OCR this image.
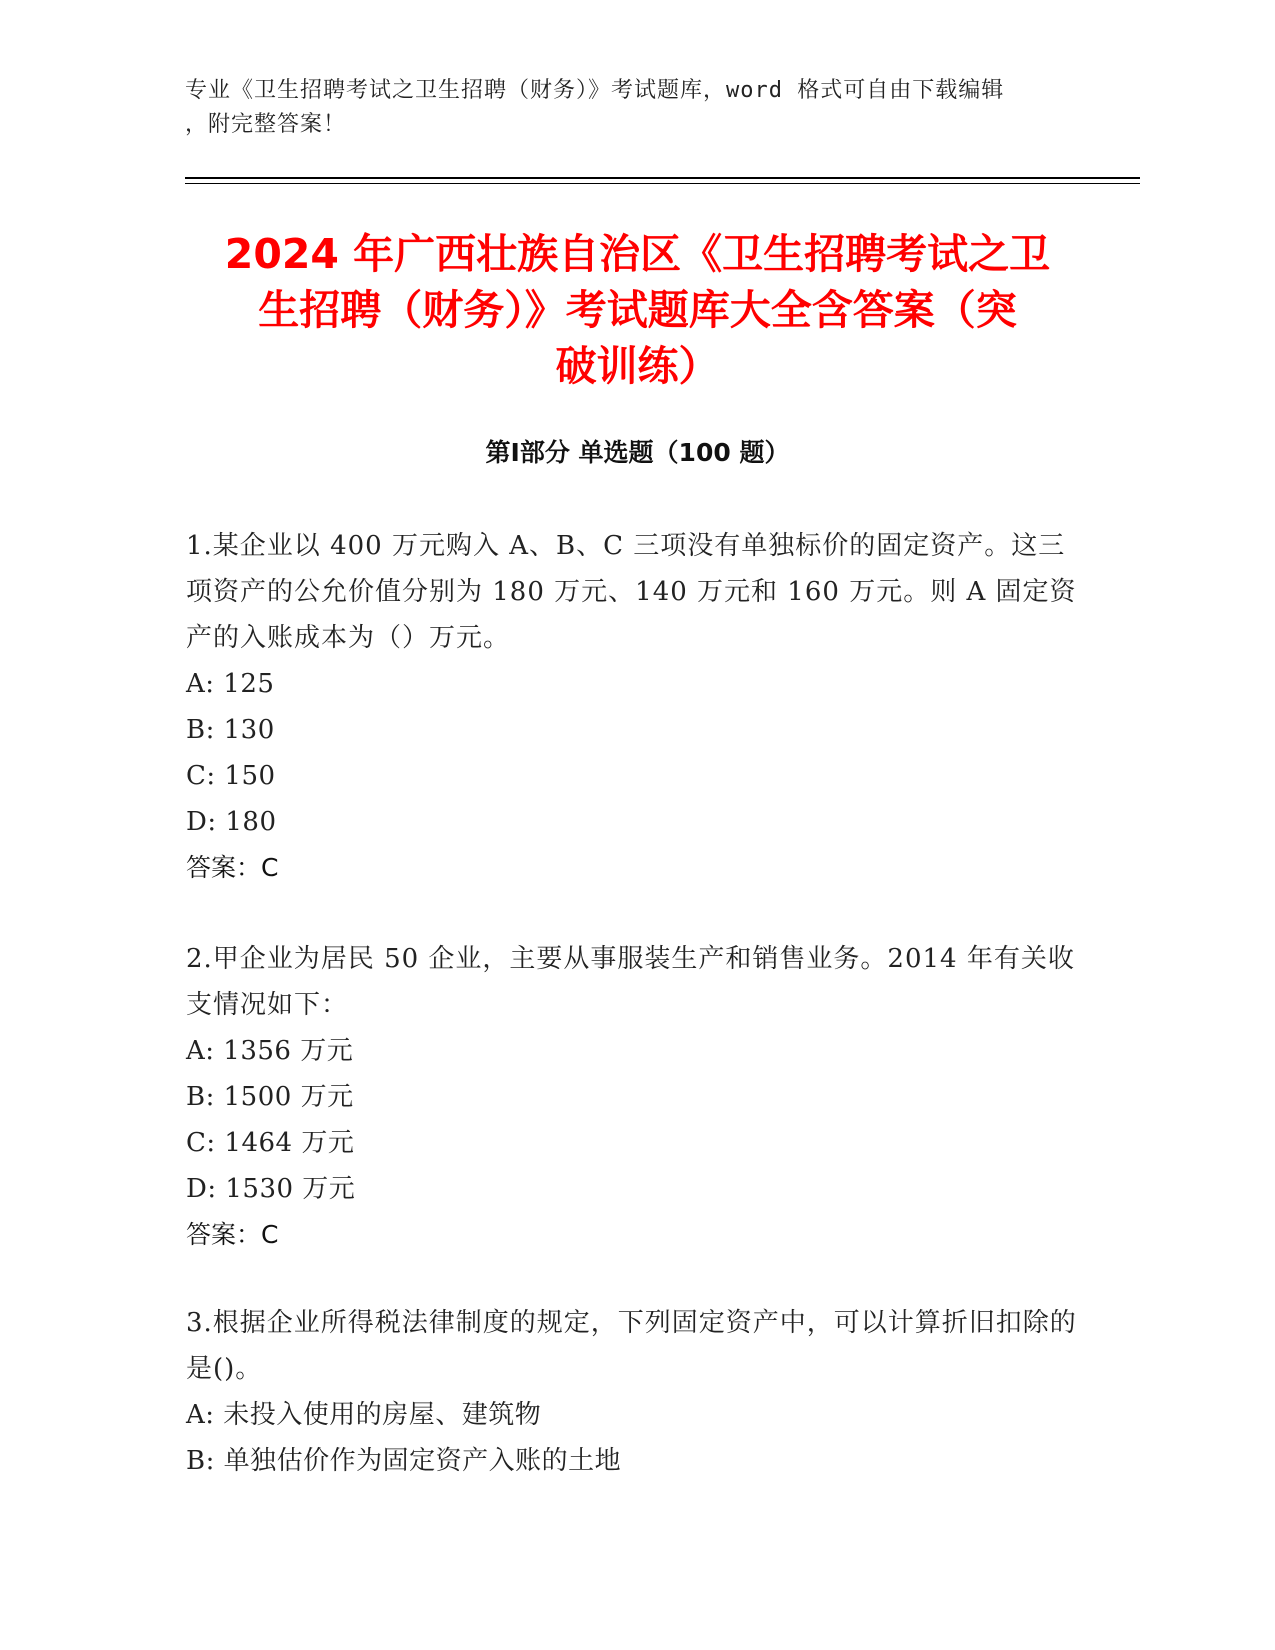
专业《卫生招聘考试之卫生招聘（财务）》考试题库，word 格式可自由下载编辑
，附完整答案！
2024 年广西壮族自治区《卫生招聘考试之卫
生招聘（财务）》考试题库大全含答案（突
破训练）
第Ⅰ部分 单选题（100 题）
1.某企业以 400 万元购入 A、B、C 三项没有单独标价的固定资产。这三项资产的公允价值分别为 180 万元、140 万元和 160 万元。则 A 固定资产的入账成本为（）万元。
A: 125
B: 130
C: 150
D: 180
答案：C
2.甲企业为居民 50 企业，主要从事服装生产和销售业务。2014 年有关收支情况如下：
A: 1356 万元
B: 1500 万元
C: 1464 万元
D: 1530 万元
答案：C
3.根据企业所得税法律制度的规定，下列固定资产中，可以计算折旧扣除的是()。
A: 未投入使用的房屋、建筑物
B: 单独估价作为固定资产入账的土地
